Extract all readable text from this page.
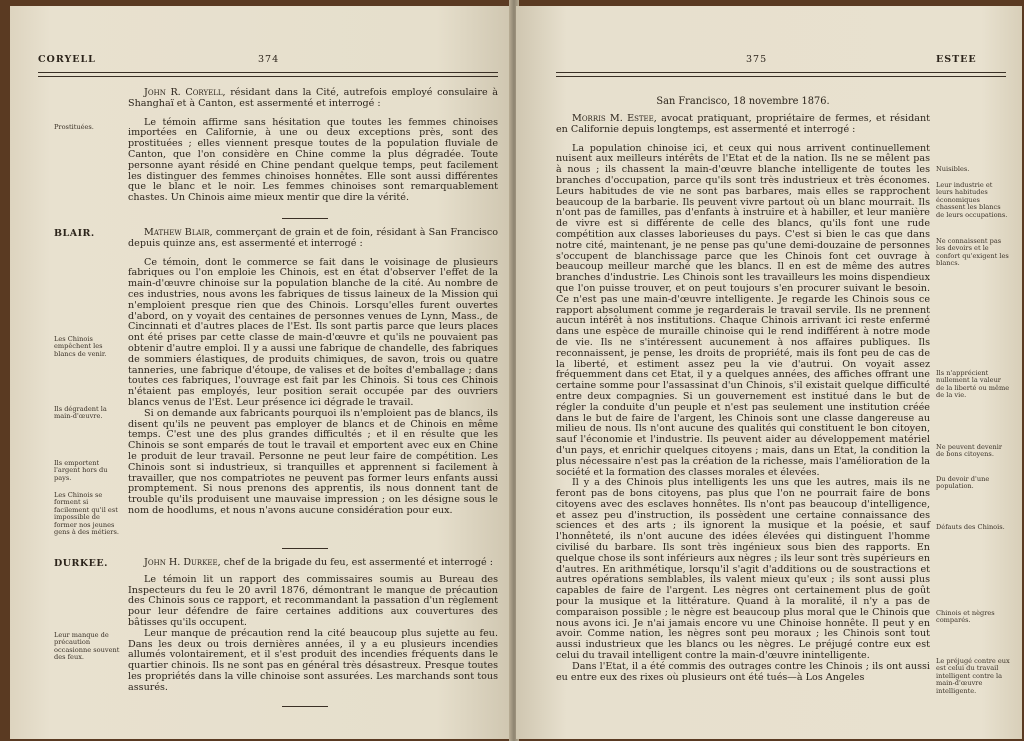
CORYELL	374

John R. Coryell, résidant dans la Cité, autrefois employé consulaire à Shanghaï et à Canton, est assermenté et interrogé :

Le témoin affirme sans hésitation que toutes les femmes chinoises importées en Californie, à une ou deux exceptions près, sont des prostituées ; elles viennent presque toutes de la population fluviale de Canton, que l'on considère en Chine comme la plus dégradée. Toute personne ayant résidé en Chine pendant quelque temps, peut facilement les distinguer des femmes chinoises honnêtes. Elle sont aussi différentes que le blanc et le noir. Les femmes chinoises sont remarquablement chastes. Un Chinois aime mieux mentir que dire la vérité.

Prostituées.
BLAIR.	Mathew Blair, commerçant de grain et de foin, résidant à San Francisco depuis quinze ans, est assermenté et interrogé :

Ce témoin, dont le commerce se fait dans le voisinage de plusieurs fabriques ou l'on emploie les Chinois, est en état d'observer l'effet de la main-d'œuvre chinoise sur la population blanche de la cité. Au nombre de ces industries, nous avons les fabriques de tissus laineux de la Mission qui n'emploient presque rien que des Chinois. Lorsqu'elles furent ouvertes d'abord, on y voyait des centaines de personnes venues de Lynn, Mass., de Cincinnati et d'autres places de l'Est. Ils sont partis parce que leurs places ont été prises par cette classe de main-d'œuvre et qu'ils ne pouvaient pas obtenir d'autre emploi. Il y a aussi une fabrique de chandelle, des fabriques de sommiers élastiques, de produits chimiques, de savon, trois ou quatre tanneries, une fabrique d'étoupe, de valises et de boîtes d'emballage ; dans toutes ces fabriques, l'ouvrage est fait par les Chinois. Si tous ces Chinois n'étaient pas employés, leur position serait occupée par des ouvriers blancs venus de l'Est. Leur présence ici dégrade le travail.

Si on demande aux fabricants pourquoi ils n'emploient pas de blancs, ils disent qu'ils ne peuvent pas employer de blancs et de Chinois en même temps. C'est une des plus grandes difficultés ; et il en résulte que les Chinois se sont emparés de tout le travail et emportent avec eux en Chine le produit de leur travail. Personne ne peut leur faire de compétition. Les Chinois sont si industrieux, si tranquilles et apprennent si facilement à travailler, que nos compatriotes ne peuvent pas former leurs enfants aussi promptement. Si nous prenons des apprentis, ils nous donnent tant de trouble qu'ils produisent une mauvaise impression ; on les désigne sous le nom de hoodlums, et nous n'avons aucune considération pour eux.

Les Chinois empêchent les blancs de venir.
Ils dégradent la main-d'œuvre.
Ils emportent l'argent hors du pays.
Les Chinois se forment si facilement qu'il est impossible de former nos jeunes gens à des métiers.
DURKEE.	John H. Durkee, chef de la brigade du feu, est assermenté et interrogé :

Le témoin lit un rapport des commissaires soumis au Bureau des Inspecteurs du feu le 20 avril 1876, démontrant le manque de précaution des Chinois sous ce rapport, et recommandant la passation d'un règlement pour leur défendre de faire certaines additions aux couvertures des bâtisses qu'ils occupent.

Leur manque de précaution rend la cité beaucoup plus sujette au feu. Dans les deux ou trois dernières années, il y a eu plusieurs incendies allumés volontairement, et il s'est produit des incendies fréquents dans le quartier chinois. Ils ne sont pas en général très désastreux. Presque toutes les propriétés dans la ville chinoise sont assurées. Les marchands sont tous assurés.

Leur manque de précaution occasionne souvent des feux.
375	ESTEE
San Francisco, 18 novembre 1876.

Morris M. Estee, avocat pratiquant, propriétaire de fermes, et résidant en Californie depuis longtemps, est assermenté et interrogé :

La population chinoise ici, et ceux qui nous arrivent continuellement nuisent aux meilleurs intérêts de l'Etat et de la nation. Ils ne se mêlent pas à nous ; ils chassent la main-d'œuvre blanche intelligente de toutes les branches d'occupation, parce qu'ils sont très industrieux et très économes. Leurs habitudes de vie ne sont pas barbares, mais elles se rapprochent beaucoup de la barbarie. Ils peuvent vivre partout où un blanc mourrait. Ils n'ont pas de familles, pas d'enfants à instruire et à habiller, et leur manière de vivre est si différente de celle des blancs, qu'ils font une rude compétition aux classes laborieuses du pays. C'est si bien le cas que dans notre cité, maintenant, je ne pense pas qu'une demi-douzaine de personnes s'occupent de blanchissage parce que les Chinois font cet ouvrage à beaucoup meilleur marché que les blancs. Il en est de même des autres branches d'industrie. Les Chinois sont les travailleurs les moins dispendieux que l'on puisse trouver, et on peut toujours s'en procurer suivant le besoin. Ce n'est pas une main-d'œuvre intelligente. Je regarde les Chinois sous ce rapport absolument comme je regarderais le travail servile. Ils ne prennent aucun intérêt à nos institutions. Chaque Chinois arrivant ici reste enfermé dans une espèce de muraille chinoise qui le rend indifférent à notre mode de vie. Ils ne s'intéressent aucunement à nos affaires publiques. Ils reconnaissent, je pense, les droits de propriété, mais ils font peu de cas de la liberté, et estiment assez peu la vie d'autrui. On voyait assez fréquemment dans cet Etat, il y a quelques années, des affiches offrant une certaine somme pour l'assassinat d'un Chinois, s'il existait quelque difficulté entre deux compagnies. Si un gouvernement est institué dans le but de régler la conduite d'un peuple et n'est pas seulement une institution créée dans le but de faire de l'argent, les Chinois sont une classe dangereuse au milieu de nous. Ils n'ont aucune des qualités qui constituent le bon citoyen, sauf l'économie et l'industrie. Ils peuvent aider au développement matériel d'un pays, et enrichir quelques citoyens ; mais, dans un Etat, la condition la plus nécessaire n'est pas la création de la richesse, mais l'amélioration de la société et la formation des classes morales et élevées.

Il y a des Chinois plus intelligents les uns que les autres, mais ils ne feront pas de bons citoyens, pas plus que l'on ne pourrait faire de bons citoyens avec des esclaves honnêtes. Ils n'ont pas beaucoup d'intelligence, et assez peu d'instruction, ils possèdent une certaine connaissance des sciences et des arts ; ils ignorent la musique et la poésie, et sauf l'honnêteté, ils n'ont aucune des idées élevées qui distinguent l'homme civilisé du barbare. Ils sont très ingénieux sous bien des rapports. En quelque chose ils sont inférieurs aux nègres ; ils leur sont très supérieurs en d'autres. En arithmétique, lorsqu'il s'agit d'additions ou de soustractions et autres opérations semblables, ils valent mieux qu'eux ; ils sont aussi plus capables de faire de l'argent. Les nègres ont certainement plus de goût pour la musique et la littérature. Quand à la moralité, il n'y a pas de comparaison possible ; le nègre est beaucoup plus moral que le Chinois que nous avons ici. Je n'ai jamais encore vu une Chinoise honnête. Il peut y en avoir. Comme nation, les nègres sont peu moraux ; les Chinois sont tout aussi industrieux que les blancs ou les nègres. Le préjugé contre eux est celui du travail intelligent contre la main-d'œuvre inintelligente.

Dans l'Etat, il a été commis des outrages contre les Chinois ; ils ont aussi eu entre eux des rixes où plusieurs ont été tués—à Los Angeles

Nuisibles.
Leur industrie et leurs habitudes économiques chassent les blancs de leurs occupations.
Ne connaissent pas les devoirs et le confort qu'exigent les blancs.
Ils n'apprécient nullement la valeur de la liberté ou même de la vie.
Ne peuvent devenir de bons citoyens.
Du devoir d'une population.
Défauts des Chinois.
Chinois et nègres comparés.
Le préjugé contre eux est celui du travail intelligent contre la main-d'œuvre intelligente.
